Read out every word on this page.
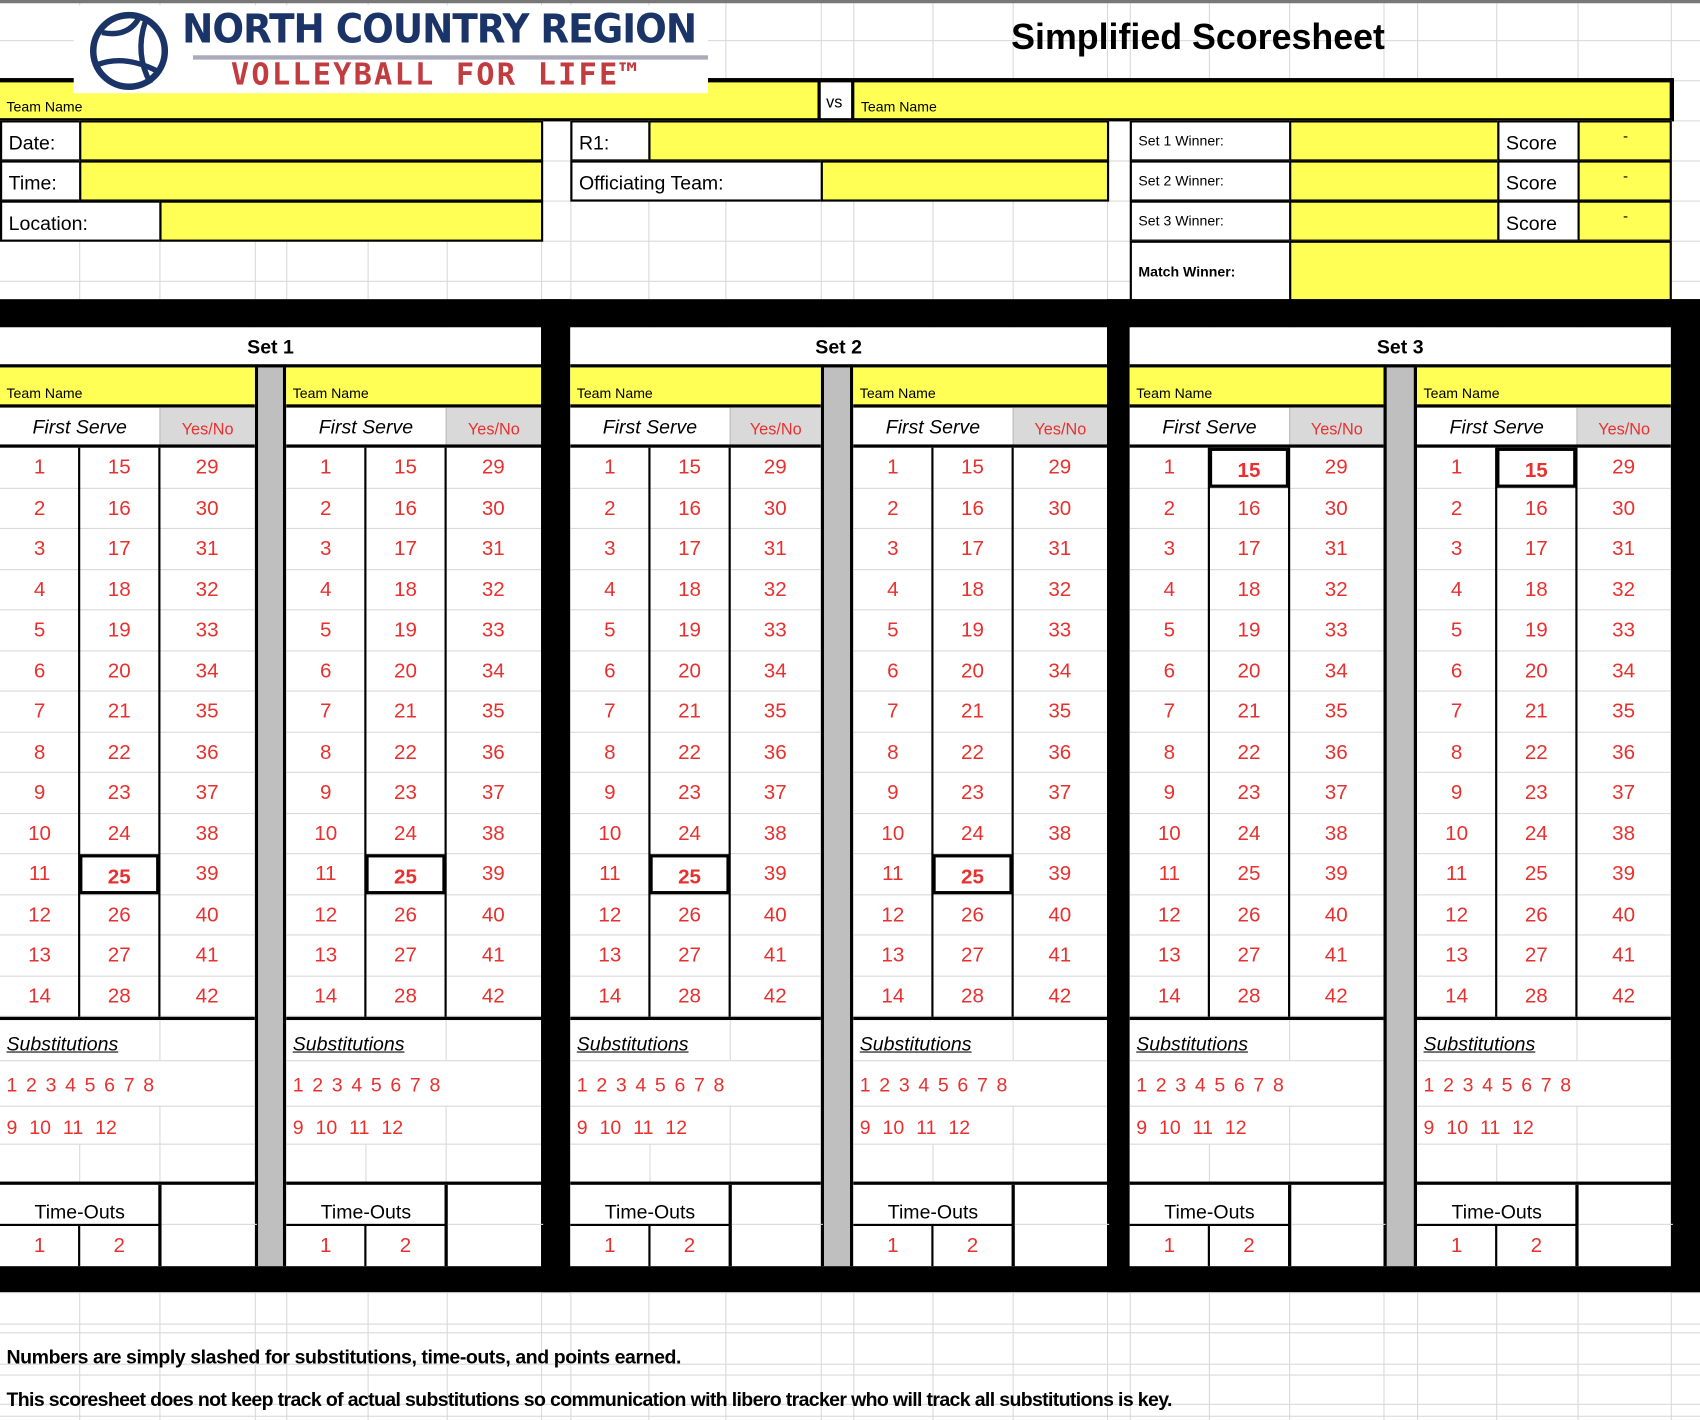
Team Name	vs Team Name
NORTH COUNTRY REGION
VOLLEYBALL FOR LIFE™
Simplified Scoresheet
Date:
Time:
Location:
R1:
Officiating Team:
Set 1 Winner:	Score	-
Set 2 Winner:	Score	-
Set 3 Winner:	Score	-
Match Winner:
Set 1
Team Name
First Serve	Yes/No
1	15	29
2	16	30
3	17	31
4	18	32
5	19	33
6	20	34
7	21	35
8	22	36
9	23	37
10	24	38
11	25	39
12	26	40
13	27	41
14	28	42
Substitutions
1 2 3 4 5 6 7 8
9 10 11 12
Time-Outs
1	2
Team Name
First Serve	Yes/No
1	15	29
2	16	30
3	17	31
4	18	32
5	19	33
6	20	34
7	21	35
8	22	36
9	23	37
10	24	38
11	25	39
12	26	40
13	27	41
14	28	42
Substitutions
1 2 3 4 5 6 7 8
9 10 11 12
Time-Outs
1	2
Set 2
Team Name
First Serve	Yes/No
1	15	29
2	16	30
3	17	31
4	18	32
5	19	33
6	20	34
7	21	35
8	22	36
9	23	37
10	24	38
11	25	39
12	26	40
13	27	41
14	28	42
Substitutions
1 2 3 4 5 6 7 8
9 10 11 12
Time-Outs
1	2
Team Name
First Serve	Yes/No
1	15	29
2	16	30
3	17	31
4	18	32
5	19	33
6	20	34
7	21	35
8	22	36
9	23	37
10	24	38
11	25	39
12	26	40
13	27	41
14	28	42
Substitutions
1 2 3 4 5 6 7 8
9 10 11 12
Time-Outs
1	2
Set 3
Team Name
First Serve	Yes/No
1	15	29
2	16	30
3	17	31
4	18	32
5	19	33
6	20	34
7	21	35
8	22	36
9	23	37
10	24	38
11	25	39
12	26	40
13	27	41
14	28	42
Substitutions
1 2 3 4 5 6 7 8
9 10 11 12
Time-Outs
1	2
Team Name
First Serve	Yes/No
1	15	29
2	16	30
3	17	31
4	18	32
5	19	33
6	20	34
7	21	35
8	22	36
9	23	37
10	24	38
11	25	39
12	26	40
13	27	41
14	28	42
Substitutions
1 2 3 4 5 6 7 8
9 10 11 12
Time-Outs
1	2
Numbers are simply slashed for substitutions, time-outs, and points earned.
This scoresheet does not keep track of actual substitutions so communication with libero tracker who will track all substitutions is key.
